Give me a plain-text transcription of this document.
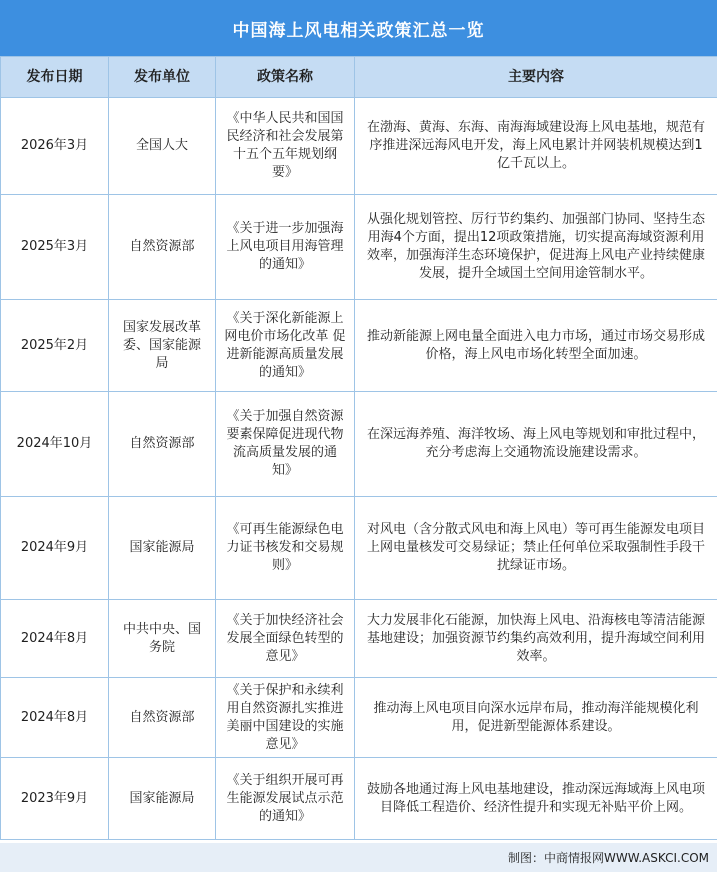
中国海上风电相关政策汇总一览
发布日期	发布单位	政策名称	主要内容
2026年3月	全国人大	《中华人民共和国国民经济和社会发展第十五个五年规划纲要》	在渤海、黄海、东海、南海海域建设海上风电基地，规范有序推进深远海风电开发，海上风电累计并网装机规模达到1亿千瓦以上。
2025年3月	自然资源部	《关于进一步加强海上风电项目用海管理的通知》	从强化规划管控、厉行节约集约、加强部门协同、坚持生态用海4个方面，提出12项政策措施，切实提高海域资源利用效率，加强海洋生态环境保护，促进海上风电产业持续健康发展，提升全域国土空间用途管制水平。
2025年2月	国家发展改革委、国家能源局	《关于深化新能源上网电价市场化改革 促进新能源高质量发展的通知》	推动新能源上网电量全面进入电力市场，通过市场交易形成价格，海上风电市场化转型全面加速。
2024年10月	自然资源部	《关于加强自然资源要素保障促进现代物流高质量发展的通知》	在深远海养殖、海洋牧场、海上风电等规划和审批过程中，充分考虑海上交通物流设施建设需求。
2024年9月	国家能源局	《可再生能源绿色电力证书核发和交易规则》	对风电（含分散式风电和海上风电）等可再生能源发电项目上网电量核发可交易绿证；禁止任何单位采取强制性手段干扰绿证市场。
2024年8月	中共中央、国务院	《关于加快经济社会发展全面绿色转型的意见》	大力发展非化石能源，加快海上风电、沿海核电等清洁能源基地建设；加强资源节约集约高效利用，提升海域空间利用效率。
2024年8月	自然资源部	《关于保护和永续利用自然资源扎实推进美丽中国建设的实施意见》	推动海上风电项目向深水远岸布局，推动海洋能规模化利用，促进新型能源体系建设。
2023年9月	国家能源局	《关于组织开展可再生能源发展试点示范的通知》	鼓励各地通过海上风电基地建设，推动深远海域海上风电项目降低工程造价、经济性提升和实现无补贴平价上网。
制图：中商情报网WWW.ASKCI.COM
